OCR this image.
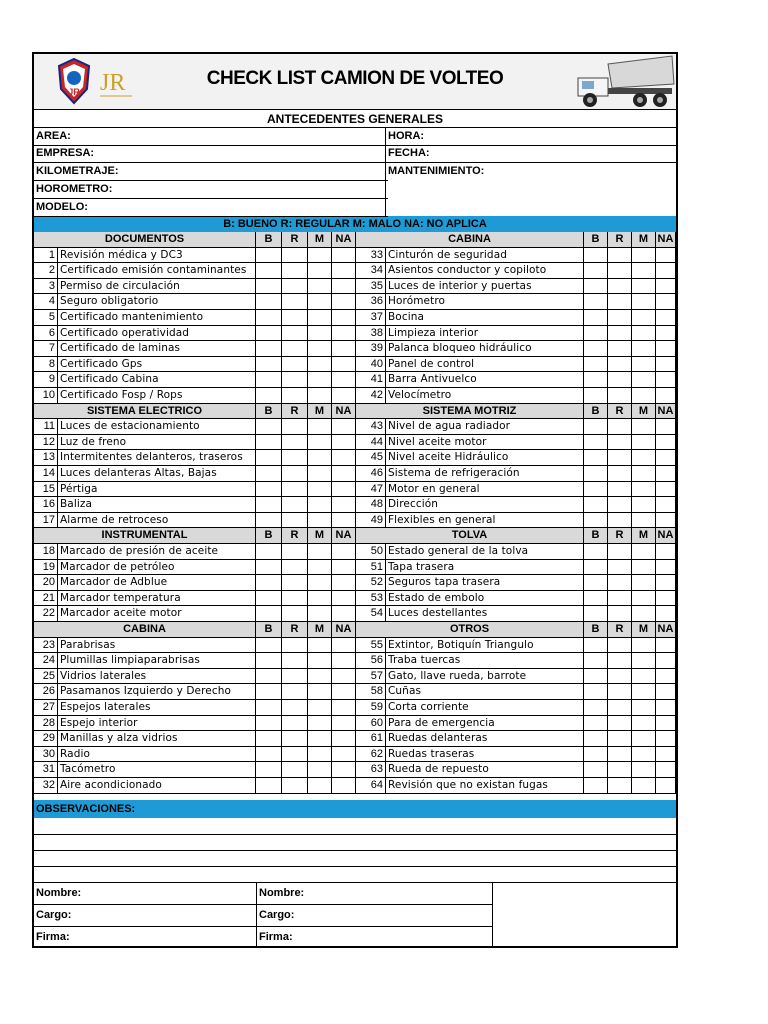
JR JR	CHECK LIST CAMION DE VOLTEO
ANTECEDENTES GENERALES
B: BUENO R: REGULAR M: MALO NA: NO APLICA
OBSERVACIONES:
AREA:
EMPRESA:
KILOMETRAJE:
HOROMETRO:
MODELO:
HORA:
FECHA:
MANTENIMIENTO:
DOCUMENTOS	B	R	M	NA	CABINA	B	R	M NA
1 Revisión médica y DC3	33 Cinturón de seguridad
2 Certificado emisión contaminantes	34 Asientos conductor y copiloto
3 Permiso de circulación	35 Luces de interior y puertas
4 Seguro obligatorio	36 Horómetro
5 Certificado mantenimiento	37 Bocina
6 Certificado operatividad	38 Limpieza interior
7 Certificado de laminas	39 Palanca bloqueo hidráulico
8 Certificado Gps	40 Panel de control
9 Certificado Cabina	41 Barra Antivuelco
10 Certificado Fosp / Rops	42 Velocímetro
SISTEMA ELECTRICO	B	R	M	NA	SISTEMA MOTRIZ	B	R	M NA
11 Luces de estacionamiento	43 Nivel de agua radiador
12 Luz de freno	44 Nivel aceite motor
13 Intermitentes delanteros, traseros	45 Nivel aceite Hidráulico
14 Luces delanteras Altas, Bajas	46 Sistema de refrigeración
15 Pértiga	47 Motor en general
16 Baliza	48 Dirección
17 Alarme de retroceso	49 Flexibles en general
INSTRUMENTAL	B	R	M	NA	TOLVA	B	R	M NA
18 Marcado de presión de aceite	50 Estado general de la tolva
19 Marcador de petróleo	51 Tapa trasera
20 Marcador de Adblue	52 Seguros tapa trasera
21 Marcador temperatura	53 Estado de embolo
22 Marcador aceite motor	54 Luces destellantes
CABINA	B	R	M	NA	OTROS	B	R	M NA
23 Parabrisas	55 Extintor, Botiquín Triangulo
24 Plumillas limpiaparabrisas	56 Traba tuercas
25 Vidrios laterales	57 Gato, llave rueda, barrote
26 Pasamanos Izquierdo y Derecho	58 Cuñas
27 Espejos laterales	59 Corta corriente
28 Espejo interior	60 Para de emergencia
29 Manillas y alza vidrios	61 Ruedas delanteras
30 Radio	62 Ruedas traseras
31 Tacómetro	63 Rueda de repuesto
32 Aire acondicionado	64 Revisión que no existan fugas
Nombre:
Cargo:
Firma:
Nombre:
Cargo:
Firma:
